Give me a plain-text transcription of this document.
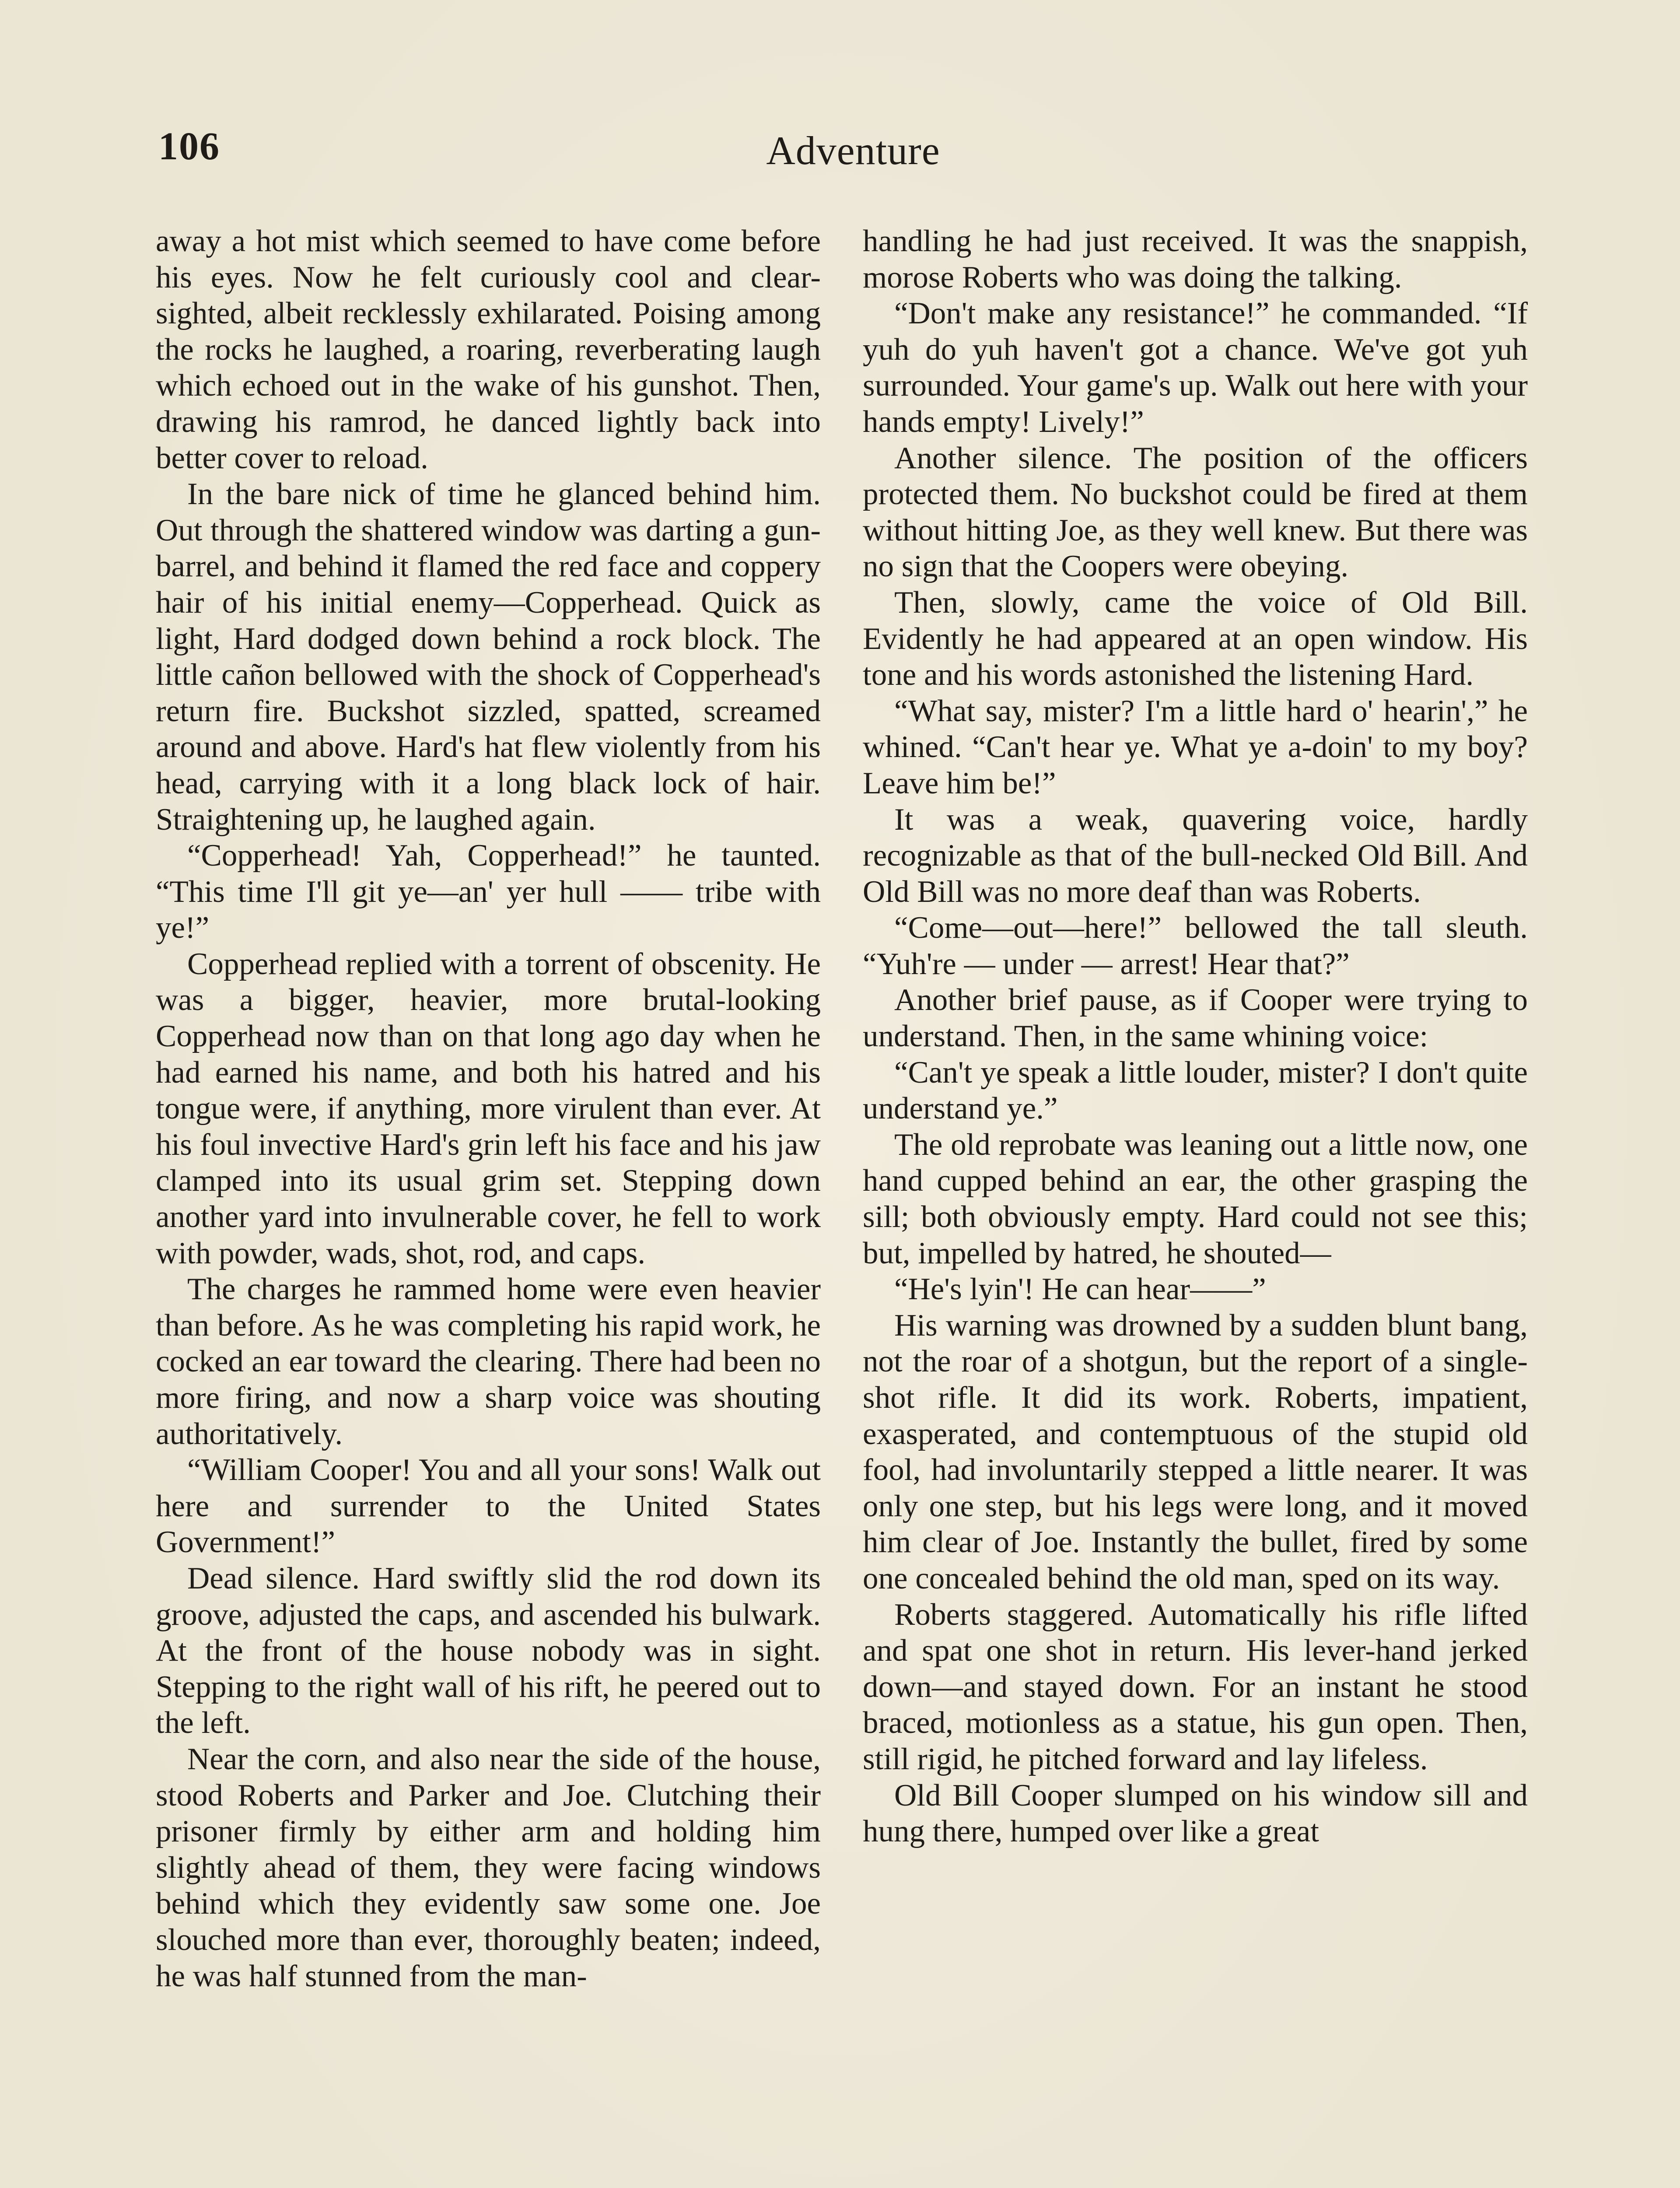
106	Adventure

away a hot mist which seemed to have come before his eyes. Now he felt curiously cool and clear-sighted, albeit recklessly exhilarated. Poising among the rocks he laughed, a roaring, reverberating laugh which echoed out in the wake of his gunshot. Then, drawing his ramrod, he danced lightly back into better cover to reload.

In the bare nick of time he glanced behind him. Out through the shattered window was darting a gun-barrel, and behind it flamed the red face and coppery hair of his initial enemy—Copperhead. Quick as light, Hard dodged down behind a rock block. The little cañon bellowed with the shock of Copperhead's return fire. Buckshot sizzled, spatted, screamed around and above. Hard's hat flew violently from his head, carrying with it a long black lock of hair. Straightening up, he laughed again.

“Copperhead! Yah, Copperhead!” he taunted. “This time I'll git ye—an' yer hull —— tribe with ye!”

Copperhead replied with a torrent of obscenity. He was a bigger, heavier, more brutal-looking Copperhead now than on that long ago day when he had earned his name, and both his hatred and his tongue were, if anything, more virulent than ever. At his foul invective Hard's grin left his face and his jaw clamped into its usual grim set. Stepping down another yard into invulnerable cover, he fell to work with powder, wads, shot, rod, and caps.

The charges he rammed home were even heavier than before. As he was completing his rapid work, he cocked an ear toward the clearing. There had been no more firing, and now a sharp voice was shouting authoritatively.

“William Cooper! You and all your sons! Walk out here and surrender to the United States Government!”

Dead silence. Hard swiftly slid the rod down its groove, adjusted the caps, and ascended his bulwark. At the front of the house nobody was in sight. Stepping to the right wall of his rift, he peered out to the left.

Near the corn, and also near the side of the house, stood Roberts and Parker and Joe. Clutching their prisoner firmly by either arm and holding him slightly ahead of them, they were facing windows behind which they evidently saw some one. Joe slouched more than ever, thoroughly beaten; indeed, he was half stunned from the man-

handling he had just received. It was the snappish, morose Roberts who was doing the talking.

“Don't make any resistance!” he commanded. “If yuh do yuh haven't got a chance. We've got yuh surrounded. Your game's up. Walk out here with your hands empty! Lively!”

Another silence. The position of the officers protected them. No buckshot could be fired at them without hitting Joe, as they well knew. But there was no sign that the Coopers were obeying.

Then, slowly, came the voice of Old Bill. Evidently he had appeared at an open window. His tone and his words astonished the listening Hard.

“What say, mister? I'm a little hard o' hearin',” he whined. “Can't hear ye. What ye a-doin' to my boy? Leave him be!”

It was a weak, quavering voice, hardly recognizable as that of the bull-necked Old Bill. And Old Bill was no more deaf than was Roberts.

“Come—out—here!” bellowed the tall sleuth. “Yuh're — under — arrest! Hear that?”

Another brief pause, as if Cooper were trying to understand. Then, in the same whining voice:

“Can't ye speak a little louder, mister? I don't quite understand ye.”

The old reprobate was leaning out a little now, one hand cupped behind an ear, the other grasping the sill; both obviously empty. Hard could not see this; but, impelled by hatred, he shouted—

“He's lyin'! He can hear——”

His warning was drowned by a sudden blunt bang, not the roar of a shotgun, but the report of a single-shot rifle. It did its work. Roberts, impatient, exasperated, and contemptuous of the stupid old fool, had involuntarily stepped a little nearer. It was only one step, but his legs were long, and it moved him clear of Joe. Instantly the bullet, fired by some one concealed behind the old man, sped on its way.

Roberts staggered. Automatically his rifle lifted and spat one shot in return. His lever-hand jerked down—and stayed down. For an instant he stood braced, motionless as a statue, his gun open. Then, still rigid, he pitched forward and lay lifeless.

Old Bill Cooper slumped on his window sill and hung there, humped over like a great
